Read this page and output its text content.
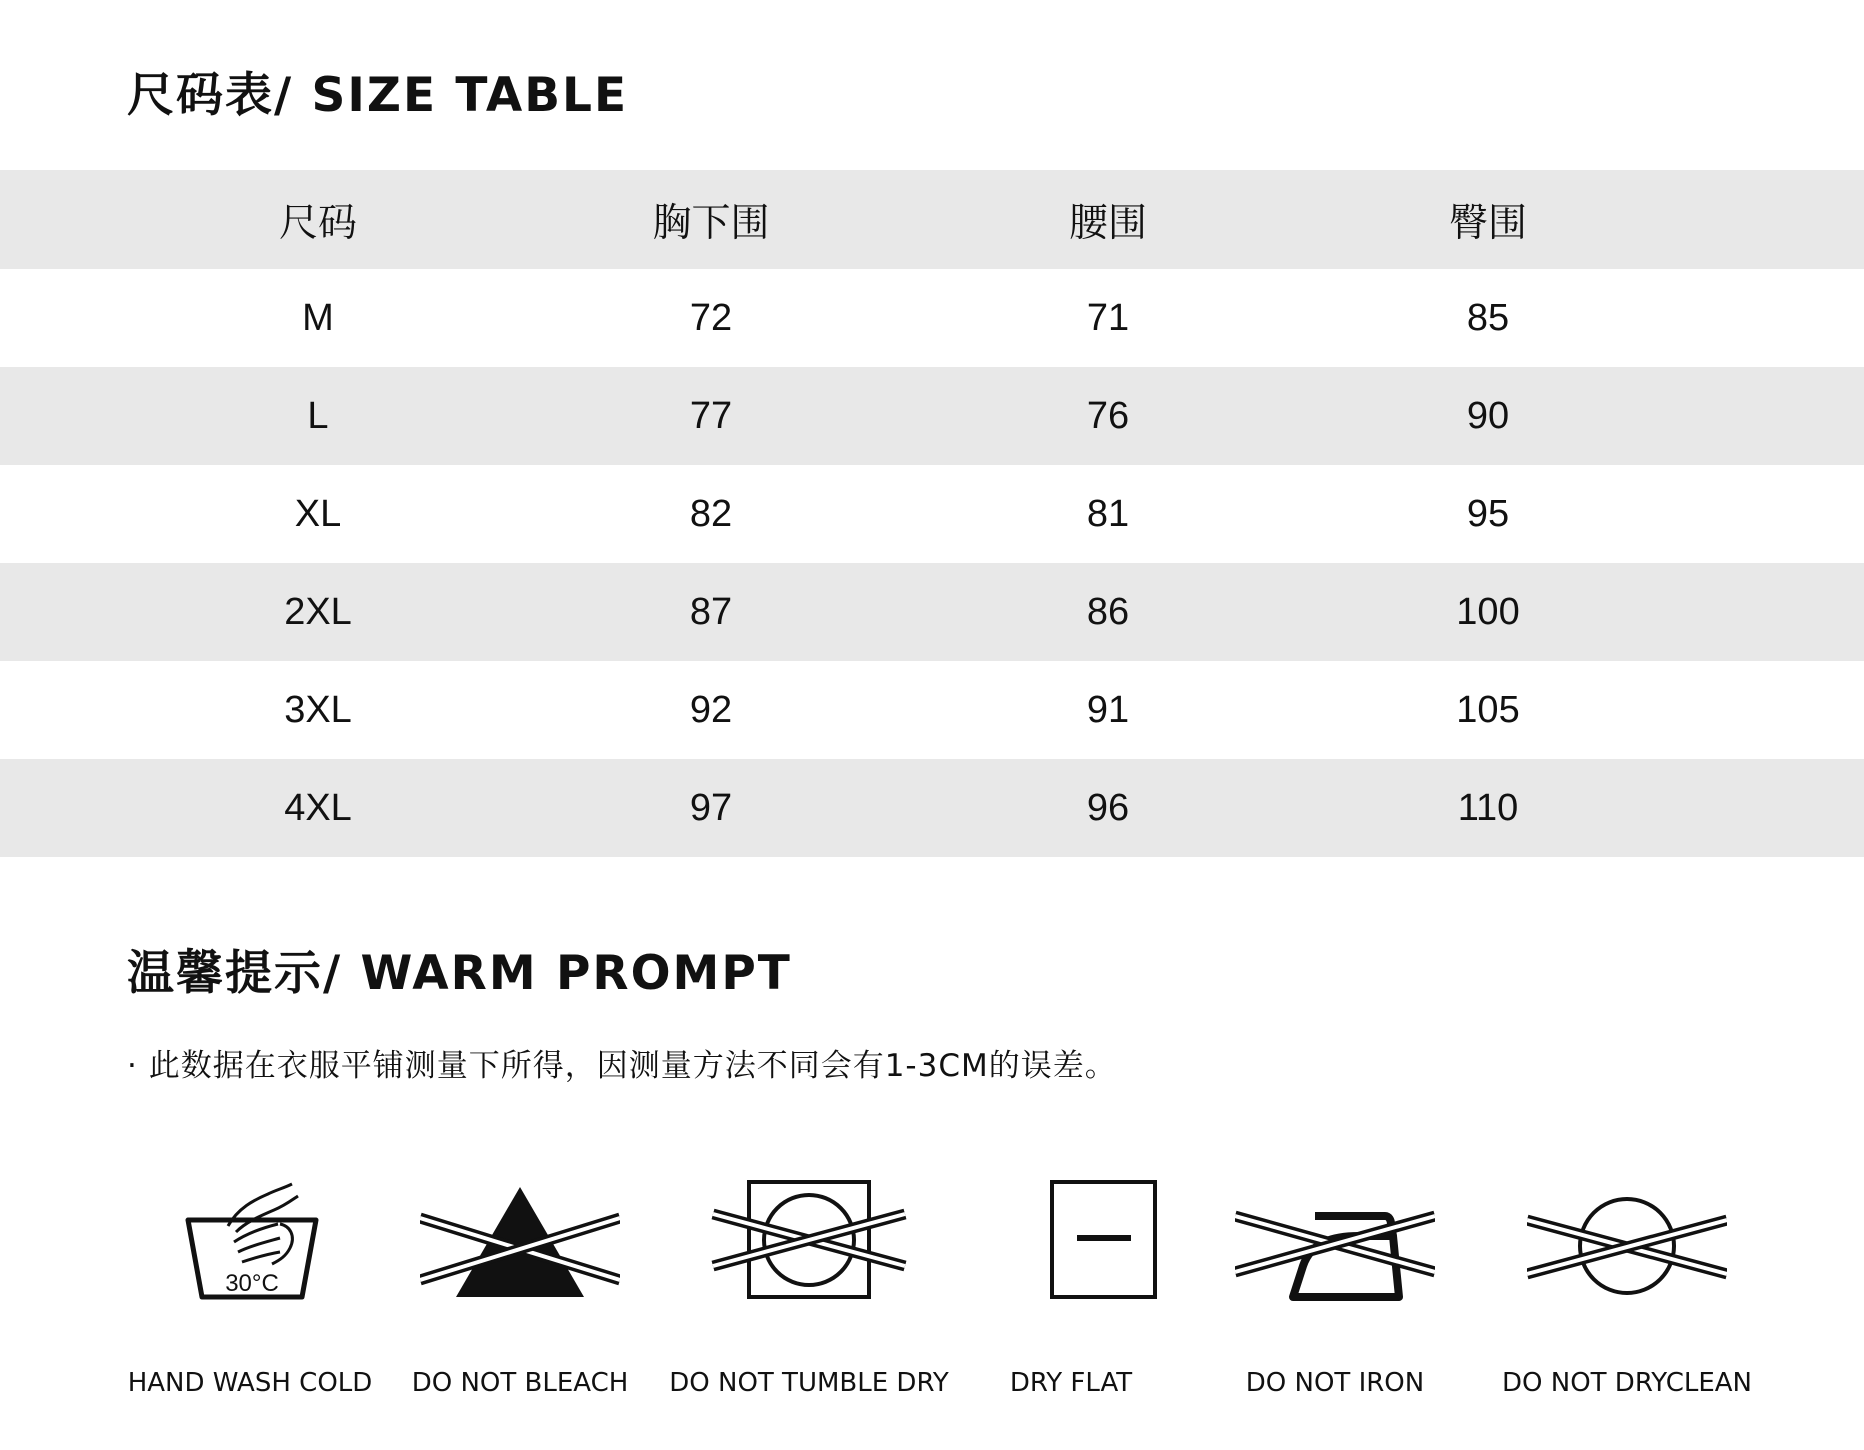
尺码表/ SIZE TABLE
尺码	胸下围	腰围	臀围
M	72	71	85
L	77	76	90
XL	82	81	95
2XL	87	86	100
3XL	92	91	105
4XL	97	96	110
温馨提示/ WARM PROMPT

· 此数据在衣服平铺测量下所得，因测量方法不同会有1-3CM的误差。

30°C
HAND WASH COLD	DO NOT BLEACH	DO NOT TUMBLE DRY	DRY FLAT	DO NOT IRON	DO NOT DRYCLEAN
